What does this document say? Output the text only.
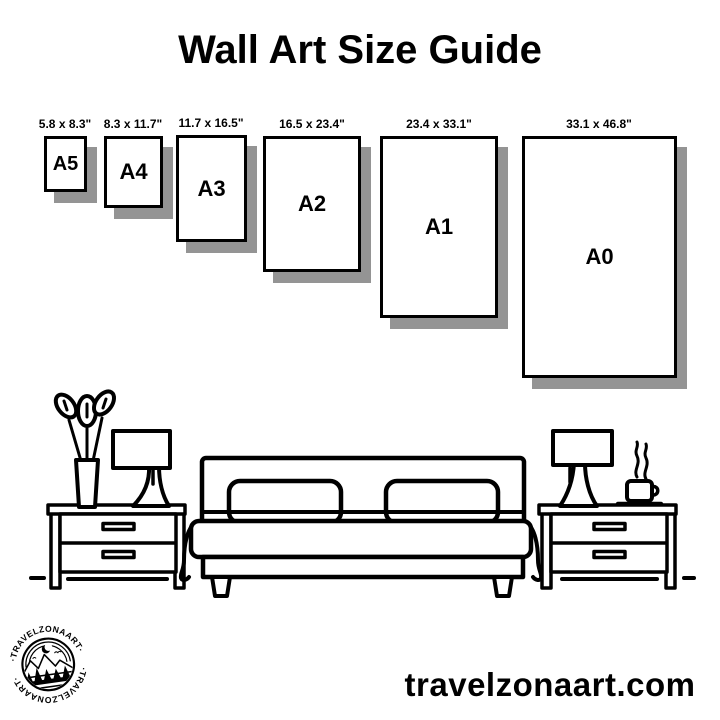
Wall Art Size Guide
5.8 x 8.3" 8.3 x 11.7" 11.7 x 16.5"	16.5 x 23.4"	23.4 x 33.1"	33.1 x 46.8"
A5 A4
A3
A2
A1
A0
·TRAVELZONAART·
·TRAVELZONAART·	travelzonaart.com
